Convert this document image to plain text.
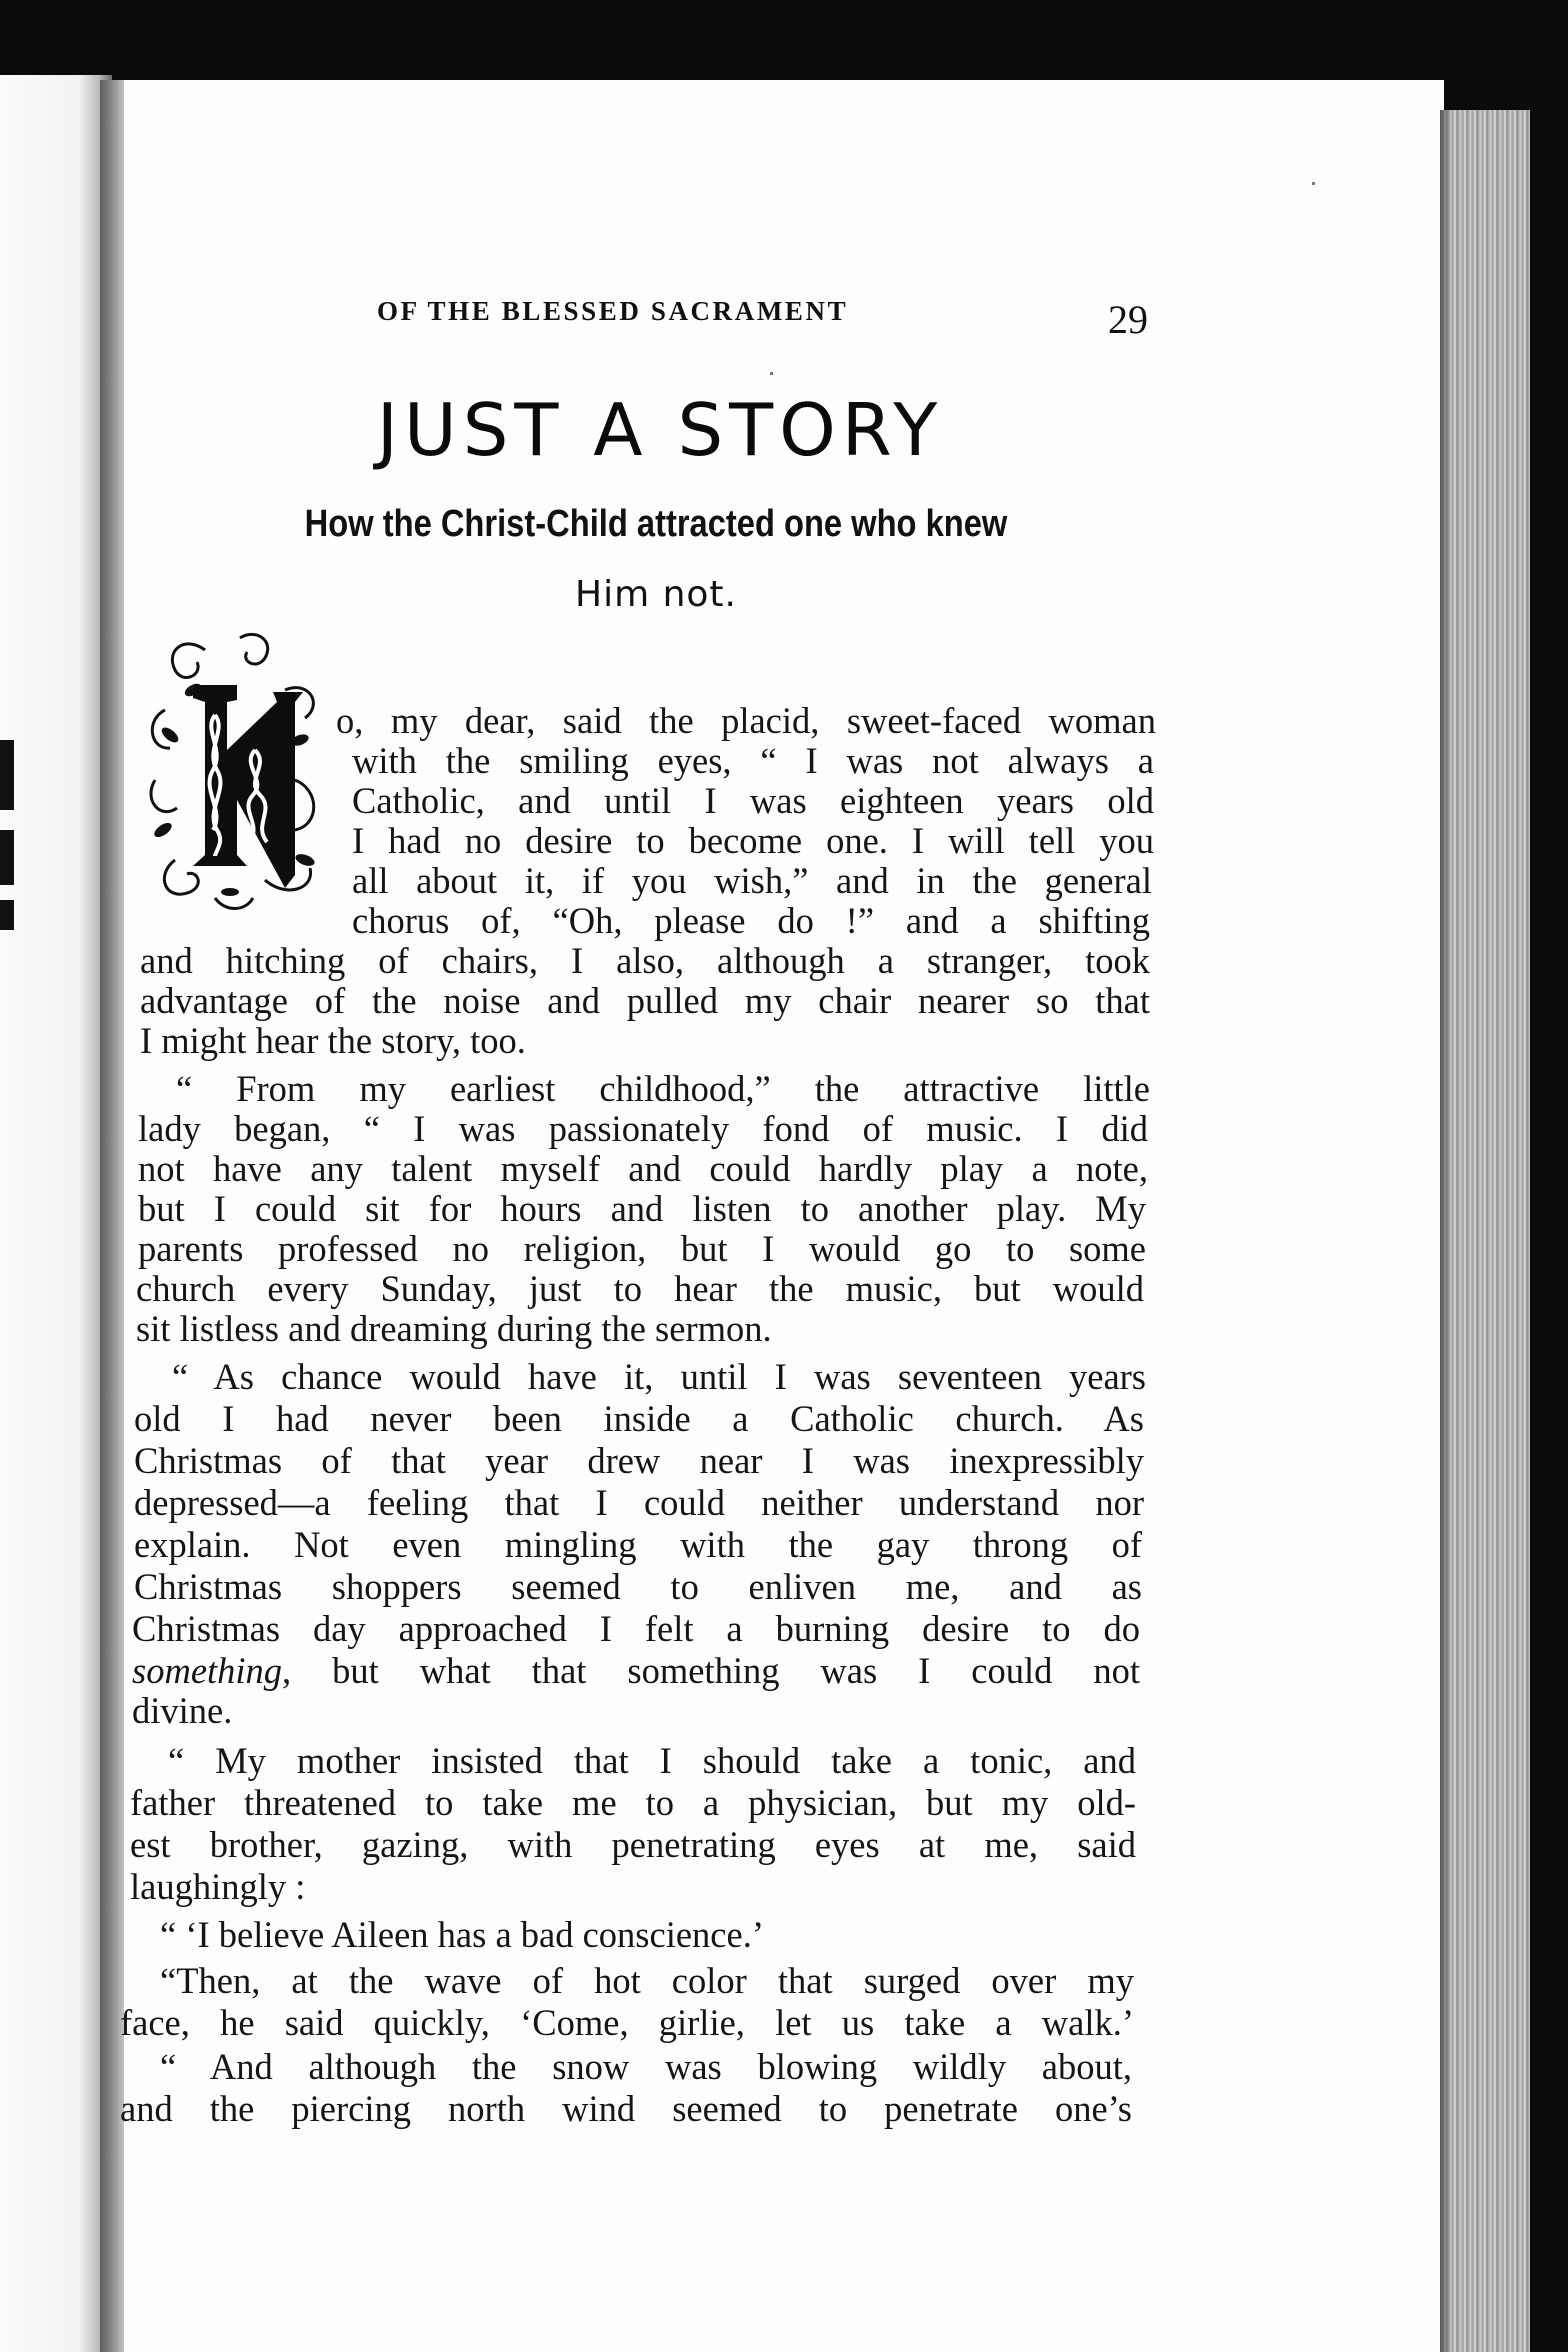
OF THE BLESSED SACRAMENT	29
JUST A STORY
How the Christ-Child attracted one who knew
Him not.
o, my dear, said the placid, sweet-faced woman
with the smiling eyes, “ I was not always a
Catholic, and until I was eighteen years old
I had no desire to become one. I will tell you
all about it, if you wish,” and in the general
chorus of, “Oh, please do !” and a shifting
and hitching of chairs, I also, although a stranger, took
advantage of the noise and pulled my chair nearer so that
I might hear the story, too.
“ From my earliest childhood,” the attractive little
lady began, “ I was passionately fond of music. I did
not have any talent myself and could hardly play a note,
but I could sit for hours and listen to another play. My
parents professed no religion, but I would go to some
church every Sunday, just to hear the music, but would
sit listless and dreaming during the sermon.
“ As chance would have it, until I was seventeen years
old I had never been inside a Catholic church. As
Christmas of that year drew near I was inexpressibly
depressed—a feeling that I could neither understand nor
explain. Not even mingling with the gay throng of
Christmas shoppers seemed to enliven me, and as
Christmas day approached I felt a burning desire to do
something, but what that something was I could not
divine.
“ My mother insisted that I should take a tonic, and
father threatened to take me to a physician, but my old-
est brother, gazing, with penetrating eyes at me, said
laughingly :
“ ‘I believe Aileen has a bad conscience.’
“Then, at the wave of hot color that surged over my
face, he said quickly, ‘Come, girlie, let us take a walk.’
“ And although the snow was blowing wildly about,
and the piercing north wind seemed to penetrate one’s
